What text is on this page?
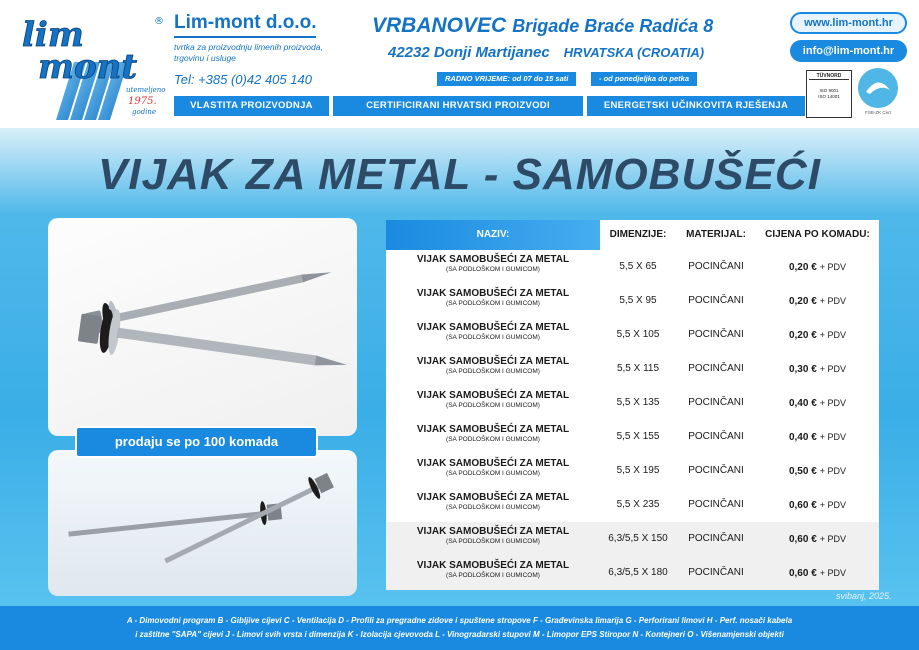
lim
mont
®
utemeljeno
1975.
godine
Lim-mont d.o.o.
tvrtka za proizvodnju limenih proizvoda,
trgovinu i usluge
Tel: +385 (0)42 405 140
VRBANOVEC Brigade Braće Radića 8
42232 Donji Martijanec HRVATSKA (CROATIA)
RADNO VRIJEME: od 07 do 15 sati	- od ponedjeljka do petka
www.lim-mont.hr
info@lim-mont.hr
TÜVNORD
ISO 9001
ISO 14001
FSB-ZK Cert
VLASTITA PROIZVODNJA	CERTIFICIRANI HRVATSKI PROIZVODI	ENERGETSKI UČINKOVITA RJEŠENJA
VIJAK ZA METAL - SAMOBUŠEĆI
prodaju se po 100 komada
NAZIV:	DIMENZIJE:	MATERIJAL:	CIJENA PO KOMADU:
VIJAK SAMOBUŠEĆI ZA METAL
(SA PODLOŠKOM I GUMICOM)	5,5 X 65	POCINČANI	0,20 € + PDV
VIJAK SAMOBUŠEĆI ZA METAL
(SA PODLOŠKOM I GUMICOM)	5,5 X 95	POCINČANI	0,20 € + PDV
VIJAK SAMOBUŠEĆI ZA METAL
(SA PODLOŠKOM I GUMICOM)	5,5 X 105	POCINČANI	0,20 € + PDV
VIJAK SAMOBUŠEĆI ZA METAL
(SA PODLOŠKOM I GUMICOM)	5,5 X 115	POCINČANI	0,30 € + PDV
VIJAK SAMOBUŠEĆI ZA METAL
(SA PODLOŠKOM I GUMICOM)	5,5 X 135	POCINČANI	0,40 € + PDV
VIJAK SAMOBUŠEĆI ZA METAL
(SA PODLOŠKOM I GUMICOM)	5,5 X 155	POCINČANI	0,40 € + PDV
VIJAK SAMOBUŠEĆI ZA METAL
(SA PODLOŠKOM I GUMICOM)	5,5 X 195	POCINČANI	0,50 € + PDV
VIJAK SAMOBUŠEĆI ZA METAL
(SA PODLOŠKOM I GUMICOM)	5,5 X 235	POCINČANI	0,60 € + PDV
VIJAK SAMOBUŠEĆI ZA METAL
(SA PODLOŠKOM I GUMICOM)	6,3/5,5 X 150	POCINČANI	0,60 € + PDV
VIJAK SAMOBUŠEĆI ZA METAL
(SA PODLOŠKOM I GUMICOM)	6,3/5,5 X 180	POCINČANI	0,60 € + PDV
svibanj, 2025.
A - Dimovodni program B - Gibljive cijevi C - Ventilacija D - Profili za pregradne zidove i spuštene stropove F - Građevinska limarija G - Perforirani limovi H - Perf. nosači kabela
i zaštitne "SAPA" cijevi J - Limovi svih vrsta i dimenzija K - Izolacija cjevovoda L - Vinogradarski stupovi M - Limopor EPS Stiropor N - Kontejneri O - Višenamjenski objekti
